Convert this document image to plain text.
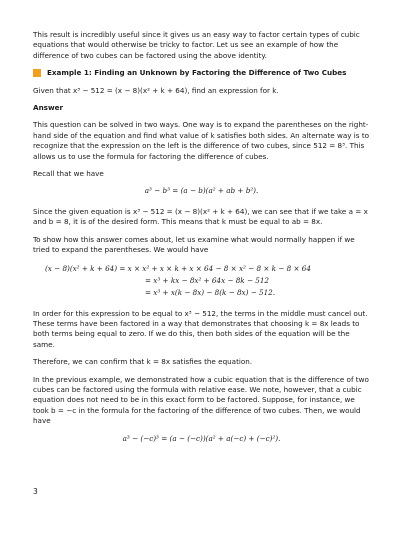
This result is incredibly useful since it gives us an easy way to factor certain types of cubic equations that would otherwise be tricky to factor. Let us see an example of how the difference of two cubes can be factored using the above identity.

Example 1: Finding an Unknown by Factoring the Difference of Two Cubes

Given that x³ − 512 = (x − 8)(x² + k + 64), find an expression for k.

Answer

This question can be solved in two ways. One way is to expand the parentheses on the right-hand side of the equation and find what value of k satisfies both sides. An alternate way is to recognize that the expression on the left is the difference of two cubes, since 512 = 8³. This allows us to use the formula for factoring the difference of cubes.

Recall that we have

a³ − b³ = (a − b)(a² + ab + b²).

Since the given equation is x³ − 512 = (x − 8)(x² + k + 64), we can see that if we take a = x and b = 8, it is of the desired form. This means that k must be equal to ab = 8x.

To show how this answer comes about, let us examine what would normally happen if we tried to expand the parentheses. We would have

(x − 8)(x² + k + 64) = x × x² + x × k + x × 64 − 8 × x² − 8 × k − 8 × 64
= x³ + kx − 8x² + 64x − 8k − 512
= x³ + x(k − 8x) − 8(k − 8x) − 512.

In order for this expression to be equal to x³ − 512, the terms in the middle must cancel out. These terms have been factored in a way that demonstrates that choosing k = 8x leads to both terms being equal to zero. If we do this, then both sides of the equation will be the same.

Therefore, we can confirm that k = 8x satisfies the equation.

In the previous example, we demonstrated how a cubic equation that is the difference of two cubes can be factored using the formula with relative ease. We note, however, that a cubic equation does not need to be in this exact form to be factored. Suppose, for instance, we took b = −c in the formula for the factoring of the difference of two cubes. Then, we would have

a³ − (−c)³ = (a − (−c))(a² + a(−c) + (−c)²).
3
